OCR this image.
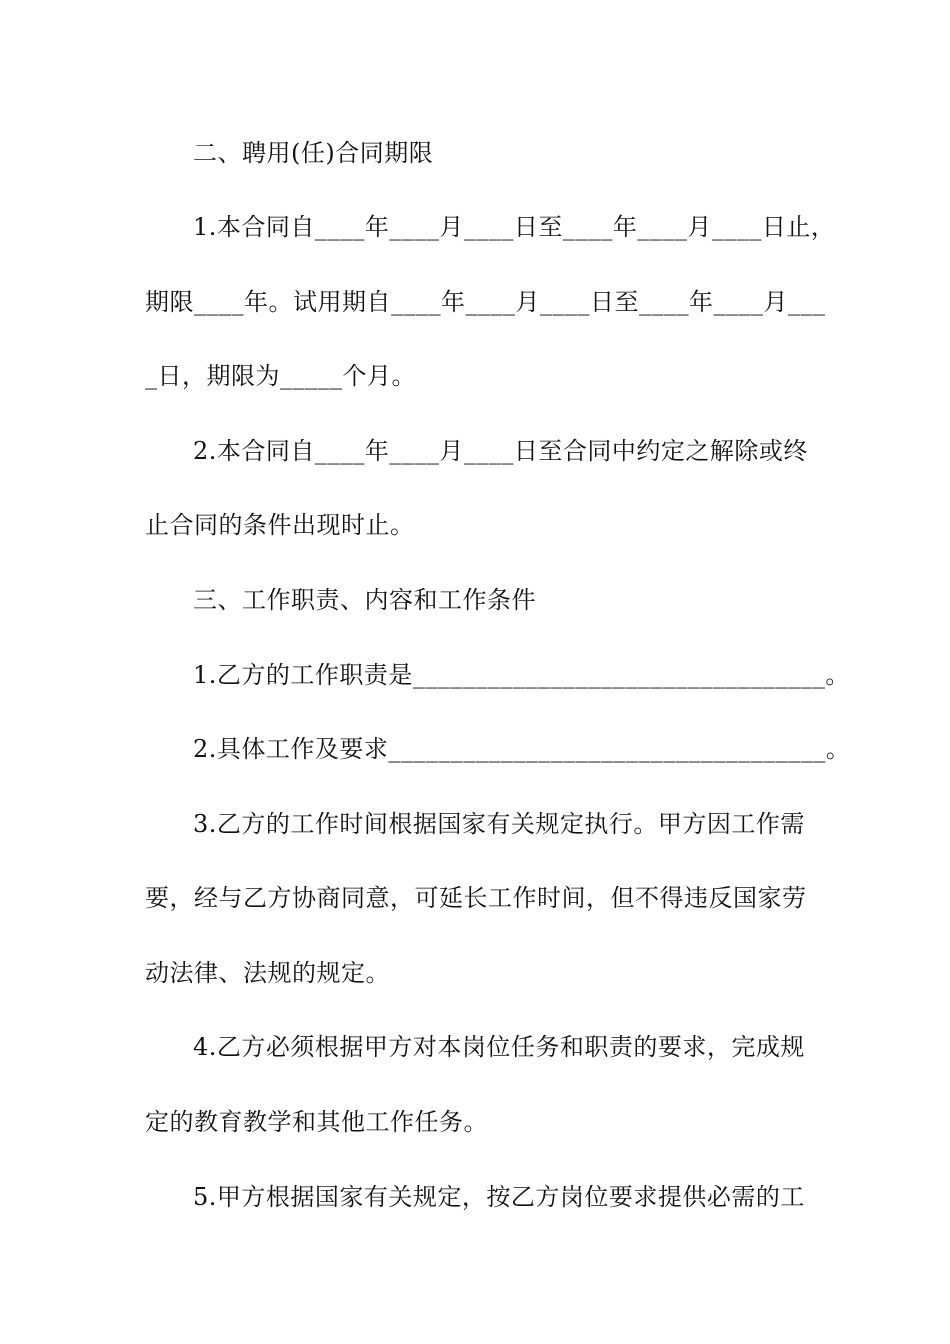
二、聘用(任)合同期限
1.本合同自____年____月____日至____年____月____日止，
期限____年。试用期自____年____月____日至____年____月___
_日，期限为_____个月。
2.本合同自____年____月____日至合同中约定之解除或终
止合同的条件出现时止。
三、工作职责、内容和工作条件
1.乙方的工作职责是_________________________________。
2.具体工作及要求___________________________________。
3.乙方的工作时间根据国家有关规定执行。甲方因工作需
要，经与乙方协商同意，可延长工作时间，但不得违反国家劳
动法律、法规的规定。
4.乙方必须根据甲方对本岗位任务和职责的要求，完成规
定的教育教学和其他工作任务。
5.甲方根据国家有关规定，按乙方岗位要求提供必需的工
